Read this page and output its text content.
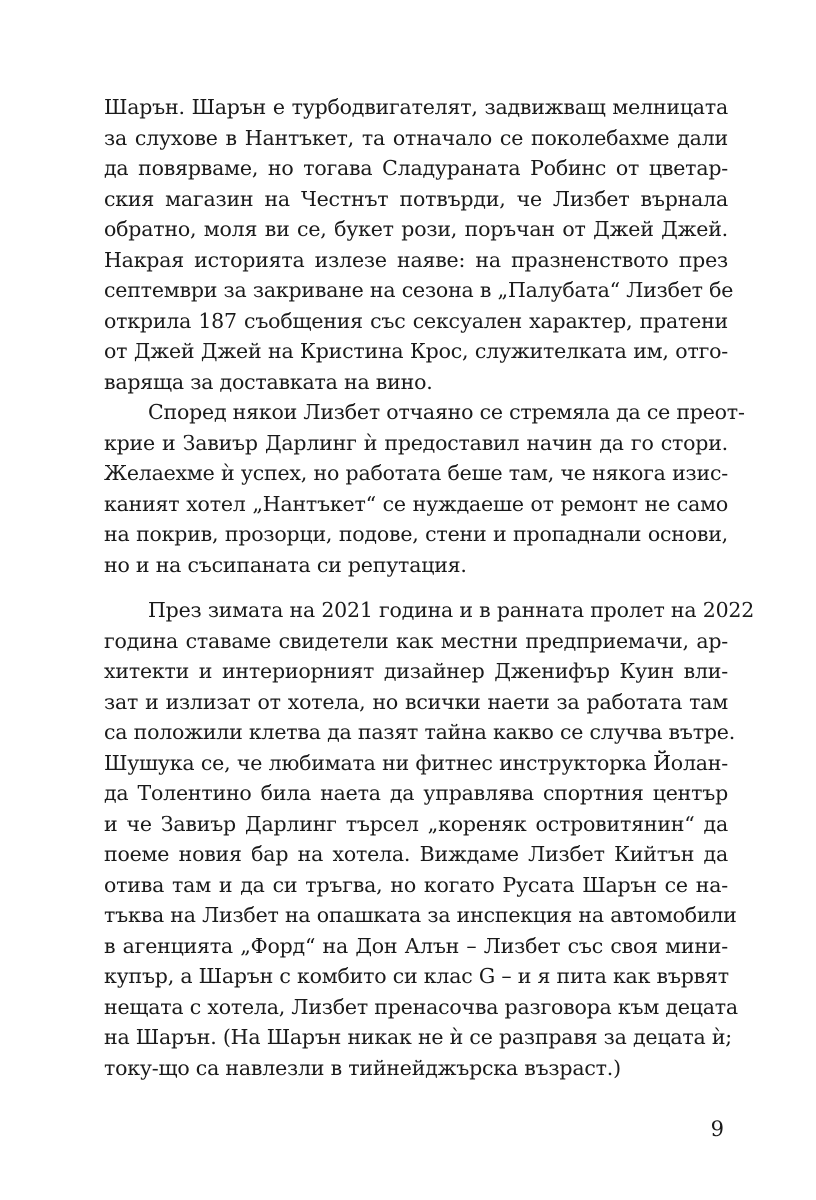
Шарън. Шарън е турбодвигателят, задвижващ мелницата
за слухове в Нантъкет, та отначало се поколебахме дали
да повярваме, но тогава Сладураната Робинс от цветар-
ския магазин на Честнът потвърди, че Лизбет върнала
обратно, моля ви се, букет рози, поръчан от Джей Джей.
Накрая историята излезе наяве: на празненството през
септември за закриване на сезона в „Палубата“ Лизбет бе
открила 187 съобщения със сексуален характер, пратени
от Джей Джей на Кристина Крос, служителката им, отго-
варяща за доставката на вино.
Според някои Лизбет отчаяно се стремяла да се преот-
крие и Завиър Дарлинг ѝ предоставил начин да го стори.
Желаехме ѝ успех, но работата беше там, че някогa изис-
каният хотел „Нантъкет“ се нуждаеше от ремонт не само
на покрив, прозорци, подове, стени и пропаднали основи,
но и на съсипаната си репутация.
През зимата на 2021 година и в ранната пролет на 2022
година ставаме свидетели как местни предприемачи, ар-
хитекти и интериорният дизайнер Дженифър Куин вли-
зат и излизат от хотела, но всички наети за работата там
са положили клетва да пазят тайна какво се случва вътре.
Шушука се, че любимата ни фитнес инструкторка Йолан-
да Толентино била наета да управлява спортния център
и че Завиър Дарлинг търсел „кореняк островитянин“ да
поеме новия бар на хотела. Виждаме Лизбет Кийтън да
отива там и да си тръгва, но когато Русата Шарън се на-
тъква на Лизбет на опашката за инспекция на автомобили
в агенцията „Форд“ на Дон Алън – Лизбет със своя мини-
купър, а Шарън с комбито си клас G – и я пита как вървят
нещата с хотела, Лизбет пренасочва разговора към децата
на Шарън. (На Шарън никак не ѝ се разправя за децата ѝ;
току-що са навлезли в тийнейджърска възраст.)
9
